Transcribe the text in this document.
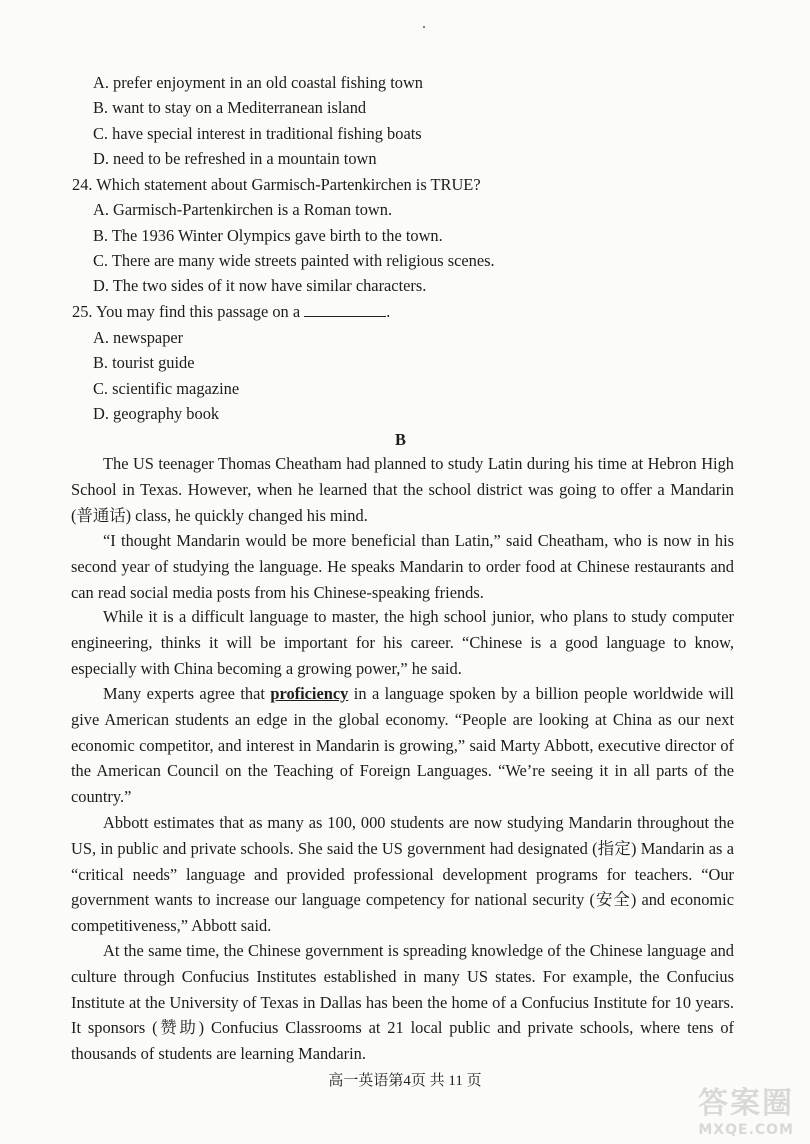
A. prefer enjoyment in an old coastal fishing town
B. want to stay on a Mediterranean island
C. have special interest in traditional fishing boats
D. need to be refreshed in a mountain town
24. Which statement about Garmisch-Partenkirchen is TRUE?
A. Garmisch-Partenkirchen is a Roman town.
B. The 1936 Winter Olympics gave birth to the town.
C. There are many wide streets painted with religious scenes.
D. The two sides of it now have similar characters.
25. You may find this passage on a	.
A. newspaper
B. tourist guide
C. scientific magazine
D. geography book
B

The US teenager Thomas Cheatham had planned to study Latin during his time at Hebron High School in Texas. However, when he learned that the school district was going to offer a Mandarin (普通话) class, he quickly changed his mind.

“I thought Mandarin would be more beneficial than Latin,” said Cheatham, who is now in his second year of studying the language. He speaks Mandarin to order food at Chinese restaurants and can read social media posts from his Chinese-speaking friends.

While it is a difficult language to master, the high school junior, who plans to study computer engineering, thinks it will be important for his career. “Chinese is a good language to know, especially with China becoming a growing power,” he said.

Many experts agree that proficiency in a language spoken by a billion people worldwide will give American students an edge in the global economy. “People are looking at China as our next economic competitor, and interest in Mandarin is growing,” said Marty Abbott, executive director of the American Council on the Teaching of Foreign Languages. “We’re seeing it in all parts of the country.”

Abbott estimates that as many as 100, 000 students are now studying Mandarin throughout the US, in public and private schools. She said the US government had designated (指定) Mandarin as a “critical needs” language and provided professional development programs for teachers. “Our government wants to increase our language competency for national security (安全) and economic competitiveness,” Abbott said.

At the same time, the Chinese government is spreading knowledge of the Chinese language and culture through Confucius Institutes established in many US states. For example, the Confucius Institute at the University of Texas in Dallas has been the home of a Confucius Institute for 10 years. It sponsors (赞助) Confucius Classrooms at 21 local public and private schools, where tens of thousands of students are learning Mandarin.

高一英语第4页 共 11 页
答案圈
MXQE.COM
